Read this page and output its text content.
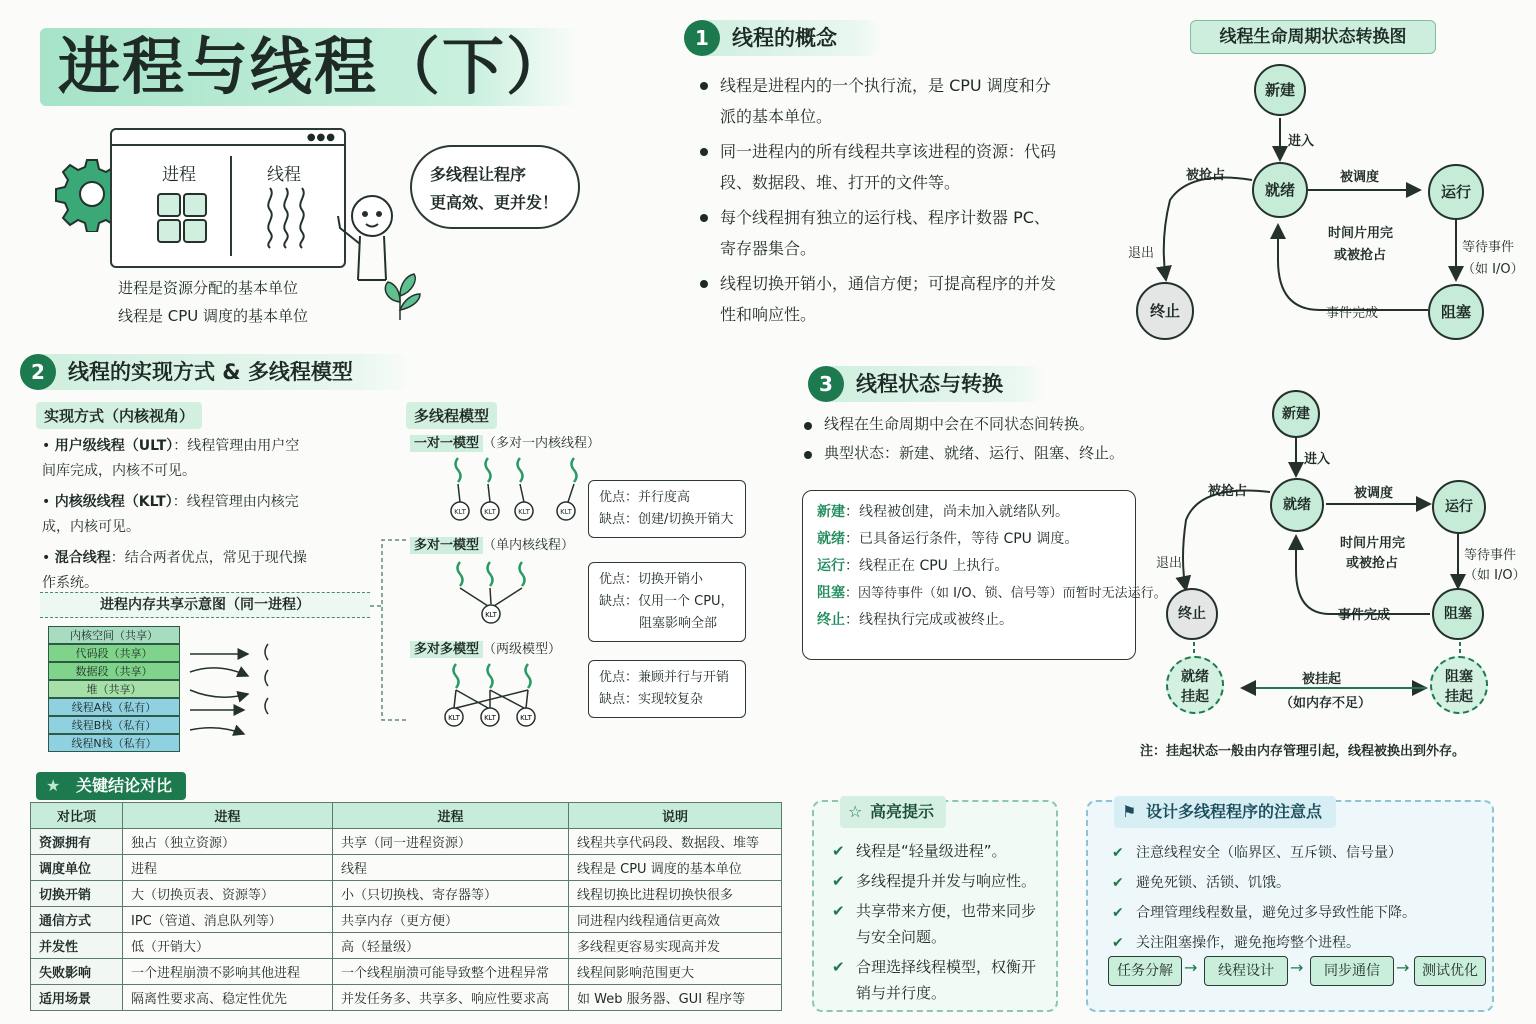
进程与线程（下）
●●●
进程	线程	多线程让程序
更高效、更并发！
进程是资源分配的基本单位
线程是 CPU 调度的基本单位
1	线程的概念
线程是进程内的一个执行流，是 CPU 调度和分派的基本单位。
同一进程内的所有线程共享该进程的资源：代码段、数据段、堆、打开的文件等。
每个线程拥有独立的运行栈、程序计数器 PC、寄存器集合。
线程切换开销小，通信方便；可提高程序的并发性和响应性。
线程生命周期状态转换图
新建
就绪	运行
阻塞
终止
进入
被调度
被抢占
时间片用完
或被抢占
等待事件
（如 I/O）
事件完成
退出
2	线程的实现方式 & 多线程模型
实现方式（内核视角）
• 用户级线程（ULT）：线程管理由用户空间库完成，内核不可见。
• 内核级线程（KLT）：线程管理由内核完成，内核可见。
• 混合线程：结合两者优点，常见于现代操作系统。
进程内存共享示意图（同一进程）
内核空间（共享）
代码段（共享）
数据段（共享）
堆（共享）
线程A栈（私有）
线程B栈（私有）
线程N栈（私有）
多线程模型
一对一模型 （多对一内核线程）
KLT	KLT	KLT	KLT
优点：并行度高
缺点：创建/切换开销大
多对一模型 （单内核线程）
KLT
优点：切换开销小
缺点：仅用一个 CPU，
阻塞影响全部
多对多模型 （两级模型）
KLT	KLT	KLT
优点：兼顾并行与开销
缺点：实现较复杂
3	线程状态与转换
线程在生命周期中会在不同状态间转换。
典型状态：新建、就绪、运行、阻塞、终止。
新建：线程被创建，尚未加入就绪队列。
就绪：已具备运行条件，等待 CPU 调度。
运行：线程正在 CPU 上执行。
阻塞：因等待事件（如 I/O、锁、信号等）而暂时无法运行。
终止：线程执行完成或被终止。
新建
就绪	运行
阻塞
终止
就绪
挂起
阻塞
挂起
进入
被调度
被抢占
时间片用完
或被抢占
等待事件
（如 I/O）
事件完成
退出
被挂起
（如内存不足）
注：挂起状态一般由内存管理引起，线程被换出到外存。
★ 关键结论对比
对比项	进程	进程	说明
资源拥有	独占（独立资源）	共享（同一进程资源）	线程共享代码段、数据段、堆等
调度单位	进程	线程	线程是 CPU 调度的基本单位
切换开销	大（切换页表、资源等）	小（只切换栈、寄存器等）	线程切换比进程切换快很多
通信方式	IPC（管道、消息队列等）	共享内存（更方便）	同进程内线程通信更高效
并发性	低（开销大）	高（轻量级）	多线程更容易实现高并发
失败影响	一个进程崩溃不影响其他进程	一个线程崩溃可能导致整个进程异常	线程间影响范围更大
适用场景	隔离性要求高、稳定性优先	并发任务多、共享多、响应性要求高	如 Web 服务器、GUI 程序等
☆ 高亮提示
✔ 线程是“轻量级进程”。
✔ 多线程提升并发与响应性。
✔ 共享带来方便，也带来同步与安全问题。
✔ 合理选择线程模型，权衡开销与并行度。
⚑ 设计多线程程序的注意点
✔ 注意线程安全（临界区、互斥锁、信号量）
✔ 避免死锁、活锁、饥饿。
✔ 合理管理线程数量，避免过多导致性能下降。
✔ 关注阻塞操作，避免拖垮整个进程。
任务分解 →	线程设计	→	同步通信	→ 测试优化
